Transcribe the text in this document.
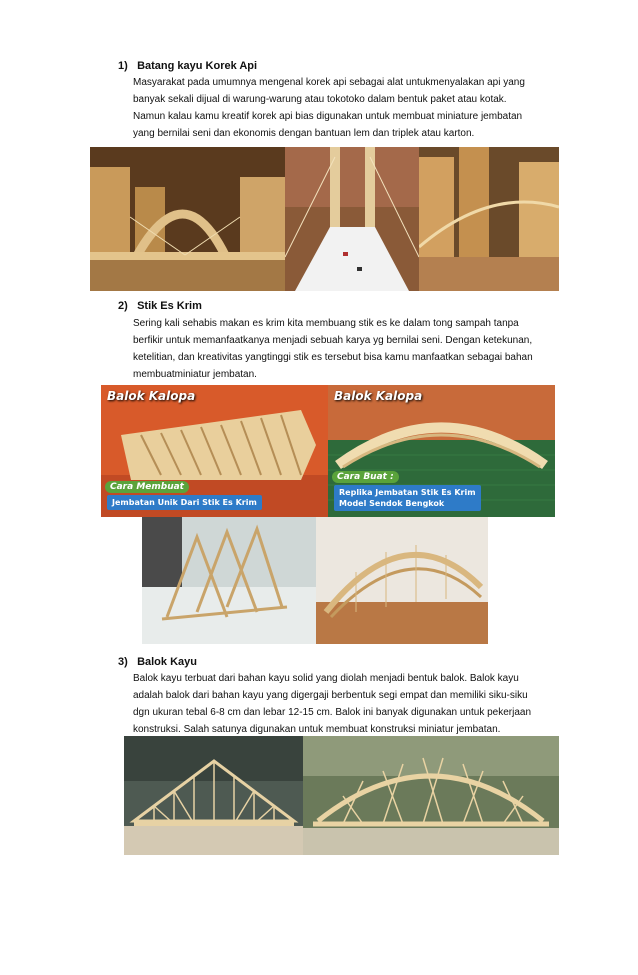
1) Batang kayu Korek Api
Masyarakat pada umumnya mengenal korek api sebagai alat untukmenyalakan api yang
banyak sekali dijual di warung-warung atau tokotoko dalam bentuk paket atau kotak.
Namun kalau kamu kreatif korek api bias digunakan untuk membuat miniature jembatan
yang bernilai seni dan ekonomis dengan bantuan lem dan triplek atau karton.
2) Stik Es Krim
Sering kali sehabis makan es krim kita membuang stik es ke dalam tong sampah tanpa
berfikir untuk memanfaatkanya menjadi sebuah karya yg bernilai seni. Dengan ketekunan,
ketelitian, dan kreativitas yangtinggi stik es tersebut bisa kamu manfaatkan sebagai bahan
membuatminiatur jembatan.
Balok Kalopa
Cara Membuat
Jembatan Unik Dari Stik Es Krim
Balok Kalopa
Cara Buat :
Replika Jembatan Stik Es Krim
Model Sendok Bengkok
3) Balok Kayu
Balok kayu terbuat dari bahan kayu solid yang diolah menjadi bentuk balok. Balok kayu
adalah balok dari bahan kayu yang digergaji berbentuk segi empat dan memiliki siku-siku
dgn ukuran tebal 6-8 cm dan lebar 12-15 cm. Balok ini banyak digunakan untuk pekerjaan
konstruksi. Salah satunya digunakan untuk membuat konstruksi miniatur jembatan.
